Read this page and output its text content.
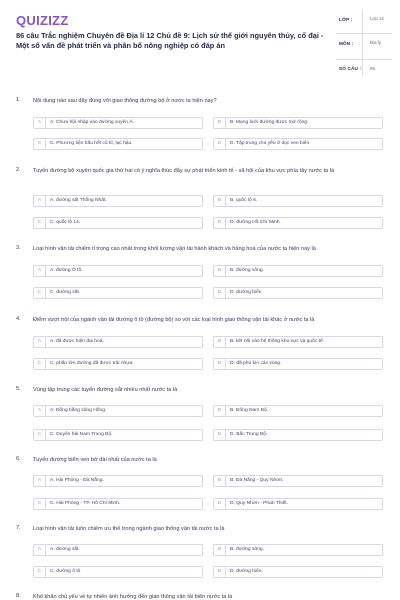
QUIZIZZ
86 câu Trắc nghiệm Chuyên đề Địa lí 12 Chủ đề 9: Lịch sử thế giới nguyên thủy, cổ đại - Một số vấn đề phát triển và phân bố nông nghiệp có đáp án
LỚP :	Lớp 12
MÔN :	Địa lý
SỐ CÂU : 86
1. Nội dung nào sau đây đúng với giao thông đường bộ ở nước ta hiện nay?
A	A. Chưa hội nhập vào đường xuyên Á.	B	B. Mạng lưới đường được mở rộng.
C	C. Phương tiện hầu hết cũ kĩ, lạc hậu.	D	D. Tập trung chủ yếu ở dọc ven biển.
2. Tuyến đường bộ xuyên quốc gia thứ hai có ý nghĩa thúc đẩy sự phát triển kinh tế - xã hội của khu vực phía tây nước ta là
A	A. đường sắt Thống Nhất.	B	B. quốc lộ 6.
C	C. quốc lộ 14.	D	D. đường Hồ Chí Minh.
3. Loại hình vận tải chiếm tỉ trọng cao nhất trong khối lượng vận tải hành khách và hàng hoá của nước ta hiện nay là
A	A. đường Ô tô.	B	B. đường sông.
C	C. đường sắt.	D	D. đường biển
4. Điểm vượt trội của ngành vận tải đường ô tô (đường bộ) so với các loại hình giao thông vận tải khác ở nước ta là
A	A. đã được hiện đại hoá.	B	B. kết nối vào hệ thống khu vực và quốc tế.
C	C. phần lớn đường đã được trải nhựa.	D	D. đã phủ kín các vùng.
5. Vùng tập trung các tuyến đường sắt nhiều nhất nước ta là
A	A. Đồng bằng sông Hồng.	B	B. Đông Nam Bộ.
C	C. Duyên hải Nam Trung Bộ.	D	D. Bắc Trung Bộ.
6. Tuyến đường biển ven bờ dài nhất của nước ta là
A	A. Hải Phòng - Đà Nẵng.	B	B. Đà Nẵng - Quy Nhơn.
C	C. Hải Phòng - TP. Hồ Chí Minh.	D	D. Quy Nhơn - Phan Thiết.
7. Loại hình vận tải luôn chiếm ưu thế trong ngành giao thông vận tải nước ta là
A	A. đường sắt.	B	B. đường sông.
C	C. đường ô tô	D	D. đường biển.
8. Khó khăn chủ yếu về tự nhiên ảnh hưởng đến giao thông vận tải biển nước ta là
